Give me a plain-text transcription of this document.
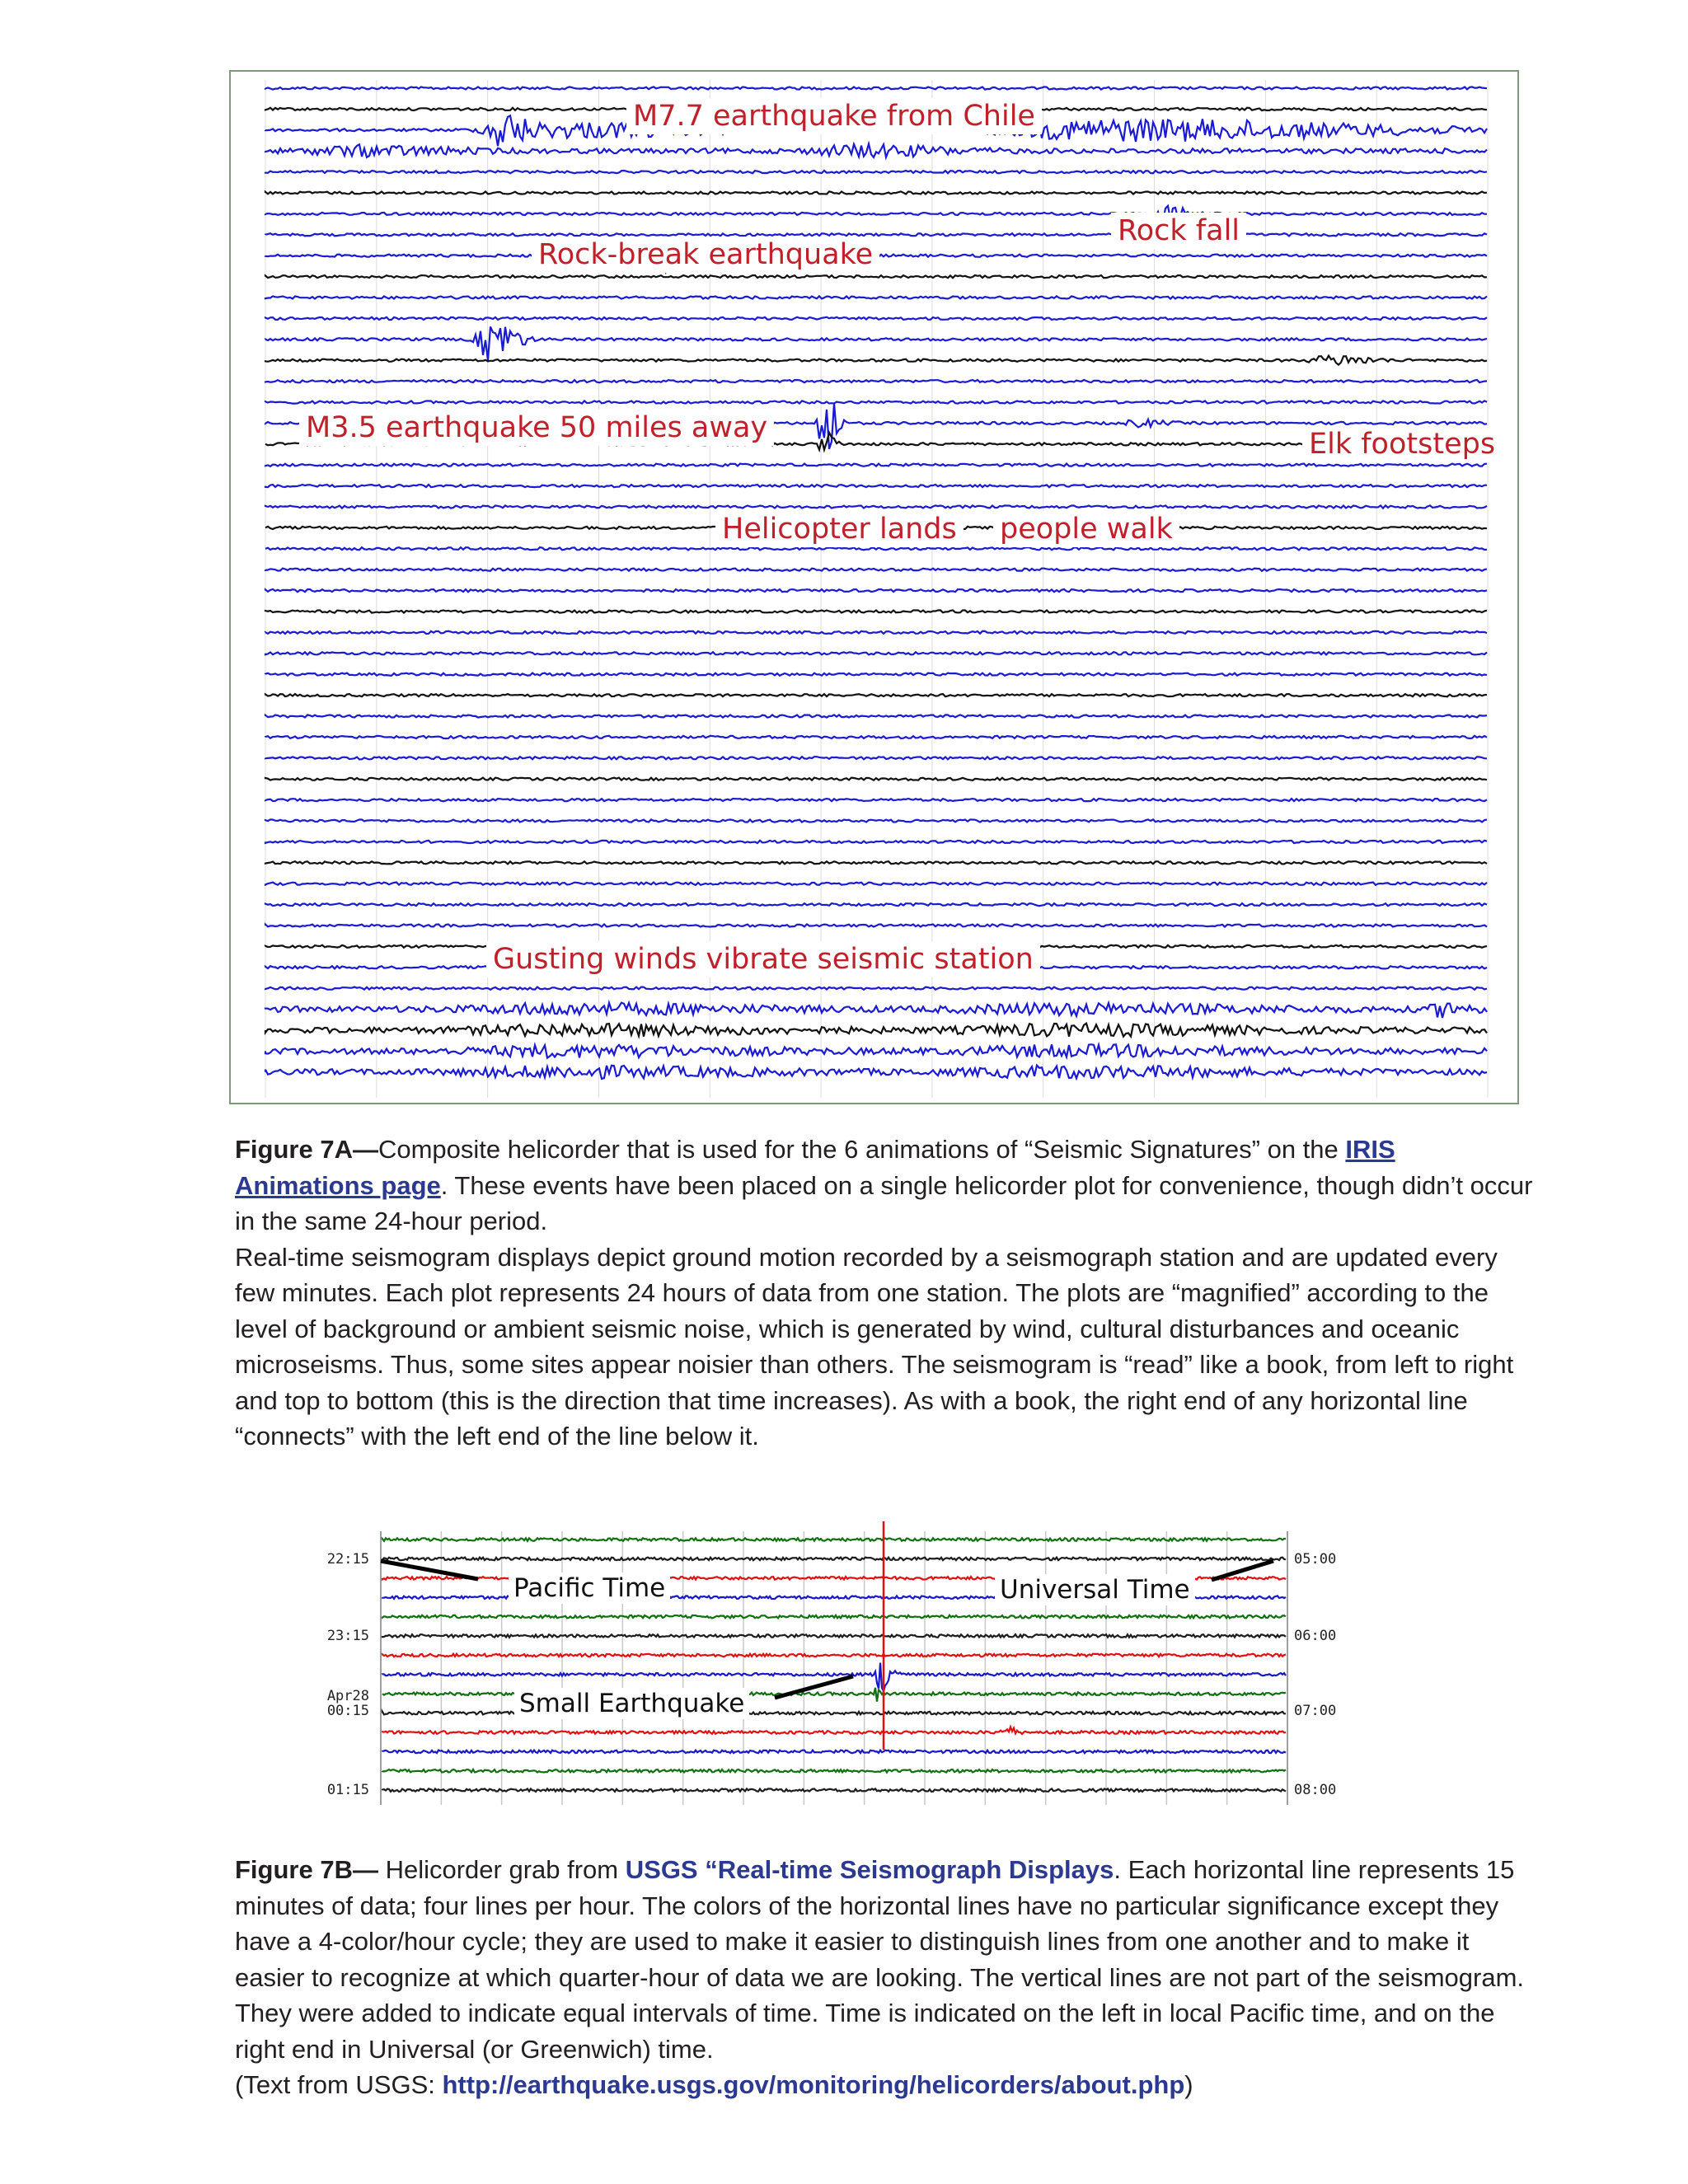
M7.7 earthquake from Chile
Rock fall
Rock-break earthquake
M3.5 earthquake 50 miles away	Elk footsteps
Helicopter lands people walk
Gusting winds vibrate seismic station

Figure 7A—Composite helicorder that is used for the 6 animations of “Seismic Signatures” on the IRIS Animations page. These events have been placed on a single helicorder plot for convenience, though didn’t occur in the same 24-hour period.

Real-time seismogram displays depict ground motion recorded by a seismograph station and are updated every few minutes. Each plot represents 24 hours of data from one station. The plots are “magnified” according to the level of background or ambient seismic noise, which is generated by wind, cultural disturbances and oceanic microseisms. Thus, some sites appear noisier than others. The seismogram is “read” like a book, from left to right and top to bottom (this is the direction that time increases). As with a book, the right end of any horizontal line “connects” with the left end of the line below it.

22:15
23:15
Apr28
00:15
01:15
05:00
06:00
07:00
08:00
Pacific Time	Universal Time
Small Earthquake

Figure 7B— Helicorder grab from USGS “Real-time Seismograph Displays. Each horizontal line represents 15 minutes of data; four lines per hour. The colors of the horizontal lines have no particular significance except they have a 4-color/hour cycle; they are used to make it easier to distinguish lines from one another and to make it easier to recognize at which quarter-hour of data we are looking. The vertical lines are not part of the seismogram. They were added to indicate equal intervals of time. Time is indicated on the left in local Pacific time, and on the right end in Universal (or Greenwich) time.

(Text from USGS: http://earthquake.usgs.gov/monitoring/helicorders/about.php)
